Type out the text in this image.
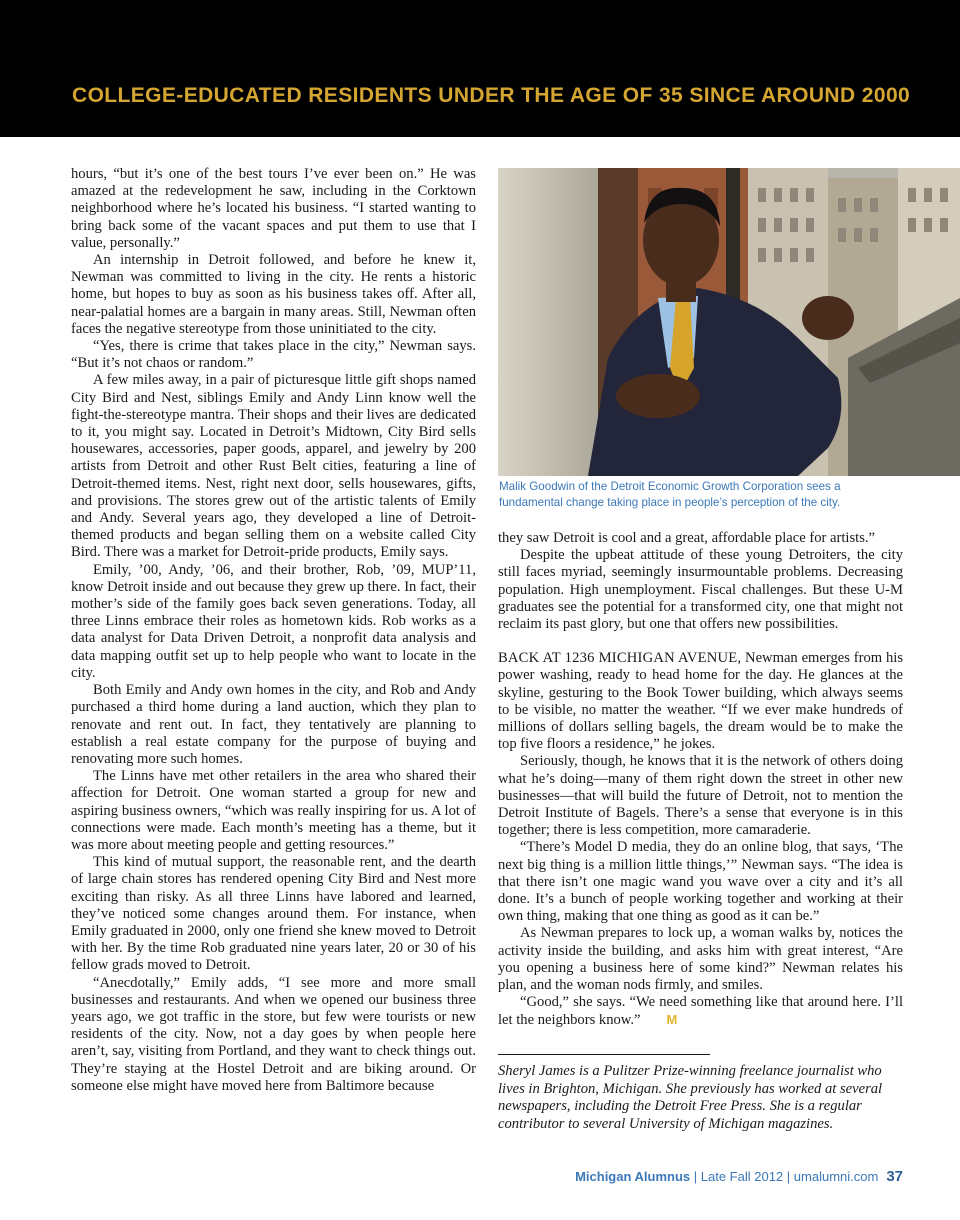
COLLEGE-EDUCATED RESIDENTS UNDER THE AGE OF 35 SINCE AROUND 2000

hours, “but it’s one of the best tours I’ve ever been on.” He was amazed at the redevelopment he saw, including in the Corktown neighborhood where he’s located his business. “I started wanting to bring back some of the vacant spaces and put them to use that I value, personally.”

An internship in Detroit followed, and before he knew it, Newman was committed to living in the city. He rents a historic home, but hopes to buy as soon as his business takes off. After all, near-palatial homes are a bargain in many areas. Still, Newman often faces the negative stereotype from those uninitiated to the city.

“Yes, there is crime that takes place in the city,” Newman says. “But it’s not chaos or random.”

A few miles away, in a pair of picturesque little gift shops named City Bird and Nest, siblings Emily and Andy Linn know well the fight-the-stereotype mantra. Their shops and their lives are dedicated to it, you might say. Located in Detroit’s Midtown, City Bird sells housewares, accessories, paper goods, apparel, and jewelry by 200 artists from Detroit and other Rust Belt cities, featuring a line of Detroit-themed items. Nest, right next door, sells housewares, gifts, and provisions. The stores grew out of the artistic talents of Emily and Andy. Several years ago, they developed a line of Detroit-themed products and began selling them on a website called City Bird. There was a market for Detroit-pride products, Emily says.

Emily, ’00, Andy, ’06, and their brother, Rob, ’09, MUP’11, know Detroit inside and out because they grew up there. In fact, their mother’s side of the family goes back seven generations. Today, all three Linns embrace their roles as hometown kids. Rob works as a data analyst for Data Driven Detroit, a nonprofit data analysis and data mapping outfit set up to help people who want to locate in the city.

Both Emily and Andy own homes in the city, and Rob and Andy purchased a third home during a land auction, which they plan to renovate and rent out. In fact, they tentatively are planning to establish a real estate company for the purpose of buying and renovating more such homes.

The Linns have met other retailers in the area who shared their affection for Detroit. One woman started a group for new and aspiring business owners, “which was really inspiring for us. A lot of connections were made. Each month’s meeting has a theme, but it was more about meeting people and getting resources.”

This kind of mutual support, the reasonable rent, and the dearth of large chain stores has rendered opening City Bird and Nest more exciting than risky. As all three Linns have labored and learned, they’ve noticed some changes around them. For instance, when Emily graduated in 2000, only one friend she knew moved to Detroit with her. By the time Rob graduated nine years later, 20 or 30 of his fellow grads moved to Detroit.

“Anecdotally,” Emily adds, “I see more and more small businesses and restaurants. And when we opened our business three years ago, we got traffic in the store, but few were tourists or new residents of the city. Now, not a day goes by when people here aren’t, say, visiting from Portland, and they want to check things out. They’re staying at the Hostel Detroit and are biking around. Or someone else might have moved here from Baltimore because

Malik Goodwin of the Detroit Economic Growth Corporation sees a fundamental change taking place in people’s perception of the city.

they saw Detroit is cool and a great, affordable place for artists.”

Despite the upbeat attitude of these young Detroiters, the city still faces myriad, seemingly insurmountable problems. Decreasing population. High unemployment. Fiscal challenges. But these U-M graduates see the potential for a transformed city, one that might not reclaim its past glory, but one that offers new possibilities.

BACK AT 1236 MICHIGAN AVENUE, Newman emerges from his power washing, ready to head home for the day. He glances at the skyline, gesturing to the Book Tower building, which always seems to be visible, no matter the weather. “If we ever make hundreds of millions of dollars selling bagels, the dream would be to make the top five floors a residence,” he jokes.

Seriously, though, he knows that it is the network of others doing what he’s doing—many of them right down the street in other new businesses—that will build the future of Detroit, not to mention the Detroit Institute of Bagels. There’s a sense that everyone is in this together; there is less competition, more camaraderie.

“There’s Model D media, they do an online blog, that says, ‘The next big thing is a million little things,’” Newman says. “The idea is that there isn’t one magic wand you wave over a city and it’s all done. It’s a bunch of people working together and working at their own thing, making that one thing as good as it can be.”

As Newman prepares to lock up, a woman walks by, notices the activity inside the building, and asks him with great interest, “Are you opening a business here of some kind?” Newman relates his plan, and the woman nods firmly, and smiles.

“Good,” she says. “We need something like that around here. I’ll let the neighbors know.” M

Sheryl James is a Pulitzer Prize-winning freelance journalist who lives in Brighton, Michigan. She previously has worked at several newspapers, including the Detroit Free Press. She is a regular contributor to several University of Michigan magazines.
Michigan Alumnus | Late Fall 2012 | umalumni.com 37
